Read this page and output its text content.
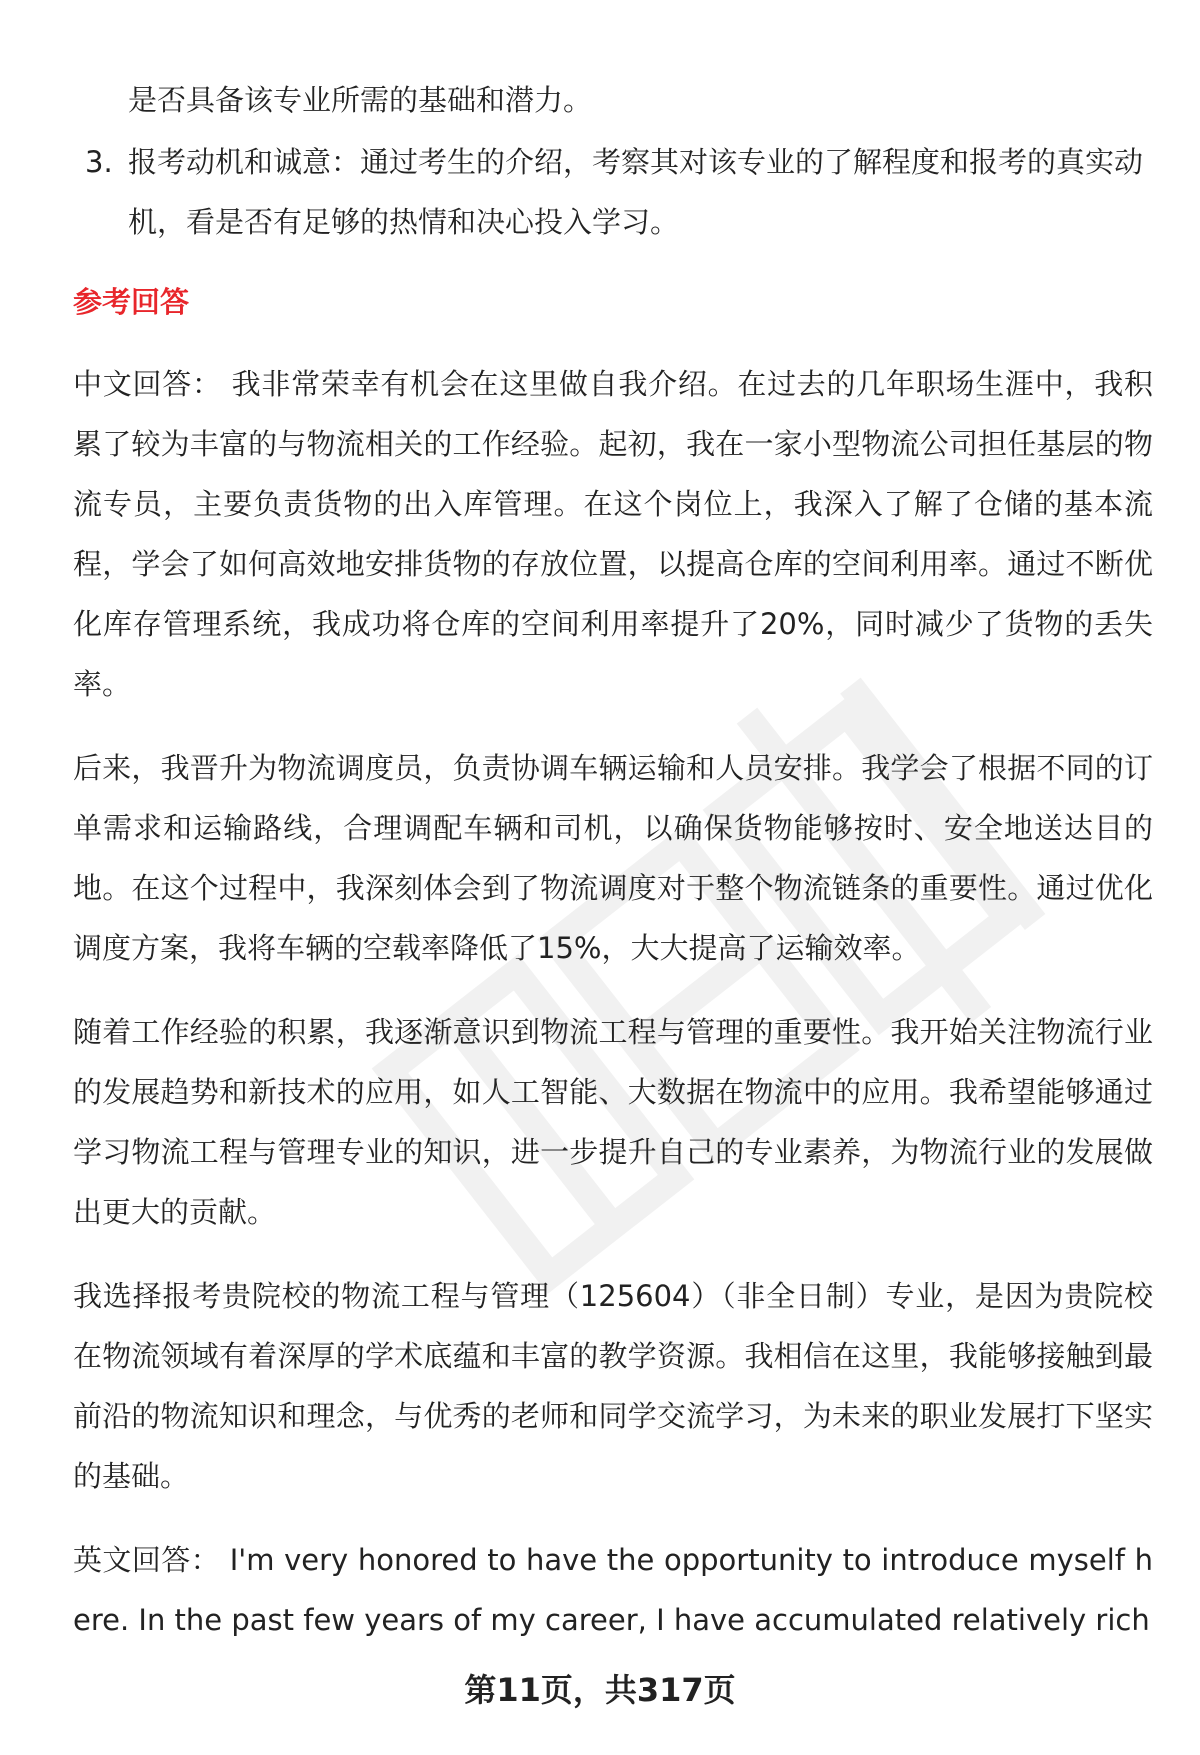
是否具备该专业所需的基础和潜力。

3. 报考动机和诚意：通过考生的介绍，考察其对该专业的了解程度和报考的真实动机，看是否有足够的热情和决心投入学习。
参考回答

中文回答： 我非常荣幸有机会在这里做自我介绍。在过去的几年职场生涯中，我积累了较为丰富的与物流相关的工作经验。起初，我在一家小型物流公司担任基层的物流专员，主要负责货物的出入库管理。在这个岗位上，我深入了解了仓储的基本流程，学会了如何高效地安排货物的存放位置，以提高仓库的空间利用率。通过不断优化库存管理系统，我成功将仓库的空间利用率提升了20%，同时减少了货物的丢失率。

后来，我晋升为物流调度员，负责协调车辆运输和人员安排。我学会了根据不同的订单需求和运输路线，合理调配车辆和司机，以确保货物能够按时、安全地送达目的地。在这个过程中，我深刻体会到了物流调度对于整个物流链条的重要性。通过优化调度方案，我将车辆的空载率降低了15%，大大提高了运输效率。

随着工作经验的积累，我逐渐意识到物流工程与管理的重要性。我开始关注物流行业的发展趋势和新技术的应用，如人工智能、大数据在物流中的应用。我希望能够通过学习物流工程与管理专业的知识，进一步提升自己的专业素养，为物流行业的发展做出更大的贡献。

我选择报考贵院校的物流工程与管理（125604）（非全日制）专业，是因为贵院校在物流领域有着深厚的学术底蕴和丰富的教学资源。我相信在这里，我能够接触到最前沿的物流知识和理念，与优秀的老师和同学交流学习，为未来的职业发展打下坚实的基础。

英文回答： I'm very honored to have the opportunity to introduce myself here. In the past few years of my career, I have accumulated relatively rich

第11页，共317页
